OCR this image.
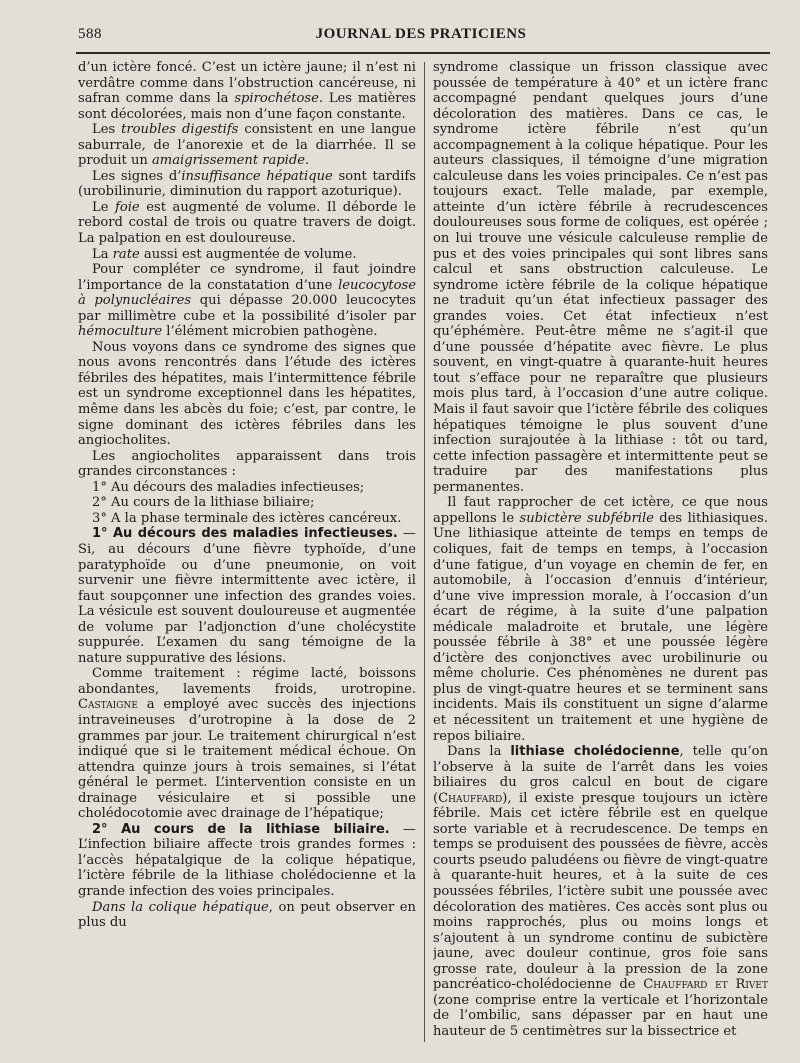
588	JOURNAL DES PRATICIENS

d’un ictère foncé. C’est un ictère jaune; il n’est ni verdâtre comme dans l’obstruction cancéreuse, ni safran comme dans la spirochétose. Les matières sont décolorées, mais non d’une façon constante.

Les troubles digestifs consistent en une langue saburrale, de l’anorexie et de la diarrhée. Il se produit un amaigrissement rapide.

Les signes d’insuffisance hépatique sont tardifs (urobilinurie, diminution du rapport azoturique).

Le foie est augmenté de volume. Il déborde le rebord costal de trois ou quatre travers de doigt. La palpation en est douloureuse.

La rate aussi est augmentée de volume.

Pour compléter ce syndrome, il faut joindre l’importance de la constatation d’une leucocytose à polynucléaires qui dépasse 20.000 leucocytes par millimètre cube et la possibilité d’isoler par hémoculture l’élément microbien pathogène.

Nous voyons dans ce syndrome des signes que nous avons rencontrés dans l’étude des ictères fébriles des hépatites, mais l’intermittence fébrile est un syndrome exceptionnel dans les hépatites, même dans les abcès du foie; c’est, par contre, le signe dominant des ictères fébriles dans les angiocholites.

Les angiocholites apparaissent dans trois grandes circonstances :

1° Au décours des maladies infectieuses;

2° Au cours de la lithiase biliaire;

3° A la phase terminale des ictères cancéreux.

1° Au décours des maladies infectieuses. — Si, au décours d’une fièvre typhoïde, d’une paratyphoïde ou d’une pneumonie, on voit survenir une fièvre intermittente avec ictère, il faut soupçonner une infection des grandes voies. La vésicule est souvent douloureuse et augmentée de volume par l’adjonction d’une cholécystite suppurée. L’examen du sang témoigne de la nature suppurative des lésions.

Comme traitement : régime lacté, boissons abondantes, lavements froids, urotropine. Castaigne a employé avec succès des injections intraveineuses d’urotropine à la dose de 2 grammes par jour. Le traitement chirurgical n’est indiqué que si le traitement médical échoue. On attendra quinze jours à trois semaines, si l’état général le permet. L’intervention consiste en un drainage vésiculaire et si possible une cholédocotomie avec drainage de l’hépatique;

2° Au cours de la lithiase biliaire. — L’infection biliaire affecte trois grandes formes : l’accès hépatalgique de la colique hépatique, l’ictère fébrile de la lithiase cholédocienne et la grande infection des voies principales.

Dans la colique hépatique, on peut observer en plus du

syndrome classique un frisson classique avec poussée de température à 40° et un ictère franc accompagné pendant quelques jours d’une décoloration des matières. Dans ce cas, le syndrome ictère fébrile n’est qu’un accompagnement à la colique hépatique. Pour les auteurs classiques, il témoigne d’une migration calculeuse dans les voies principales. Ce n’est pas toujours exact. Telle malade, par exemple, atteinte d’un ictère fébrile à recrudescences douloureuses sous forme de coliques, est opérée ; on lui trouve une vésicule calculeuse remplie de pus et des voies principales qui sont libres sans calcul et sans obstruction calculeuse. Le syndrome ictère fébrile de la colique hépatique ne traduit qu’un état infectieux passager des grandes voies. Cet état infectieux n’est qu’éphémère. Peut-être même ne s’agit-il que d’une poussée d’hépatite avec fièvre. Le plus souvent, en vingt-quatre à quarante-huit heures tout s’efface pour ne reparaître que plusieurs mois plus tard, à l’occasion d’une autre colique. Mais il faut savoir que l’ictère fébrile des coliques hépatiques témoigne le plus souvent d’une infection surajoutée à la lithiase : tôt ou tard, cette infection passagère et intermittente peut se traduire par des manifestations plus permanentes.

Il faut rapprocher de cet ictère, ce que nous appellons le subictère subfébrile des lithiasiques. Une lithiasique atteinte de temps en temps de coliques, fait de temps en temps, à l’occasion d’une fatigue, d’un voyage en chemin de fer, en automobile, à l’occasion d’ennuis d’intérieur, d’une vive impression morale, à l’occasion d’un écart de régime, à la suite d’une palpation médicale maladroite et brutale, une légère poussée fébrile à 38° et une poussée légère d’ictère des conjonctives avec urobilinurie ou même cholurie. Ces phénomènes ne durent pas plus de vingt-quatre heures et se terminent sans incidents. Mais ils constituent un signe d’alarme et nécessitent un traitement et une hygiène de repos biliaire.

Dans la lithiase cholédocienne, telle qu’on l’observe à la suite de l’arrêt dans les voies biliaires du gros calcul en bout de cigare (Chauffard), il existe presque toujours un ictère fébrile. Mais cet ictère fébrile est en quelque sorte variable et à recrudescence. De temps en temps se produisent des poussées de fièvre, accès courts pseudo paludéens ou fièvre de vingt-quatre à quarante-huit heures, et à la suite de ces poussées fébriles, l’ictère subit une poussée avec décoloration des matières. Ces accès sont plus ou moins rapprochés, plus ou moins longs et s’ajoutent à un syndrome continu de subictère jaune, avec douleur continue, gros foie sans grosse rate, douleur à la pression de la zone pancréatico-cholédocienne de Chauffard et Rivet (zone comprise entre la verticale et l’horizontale de l’ombilic, sans dépasser par en haut une hauteur de 5 centimètres sur la bissectrice et
